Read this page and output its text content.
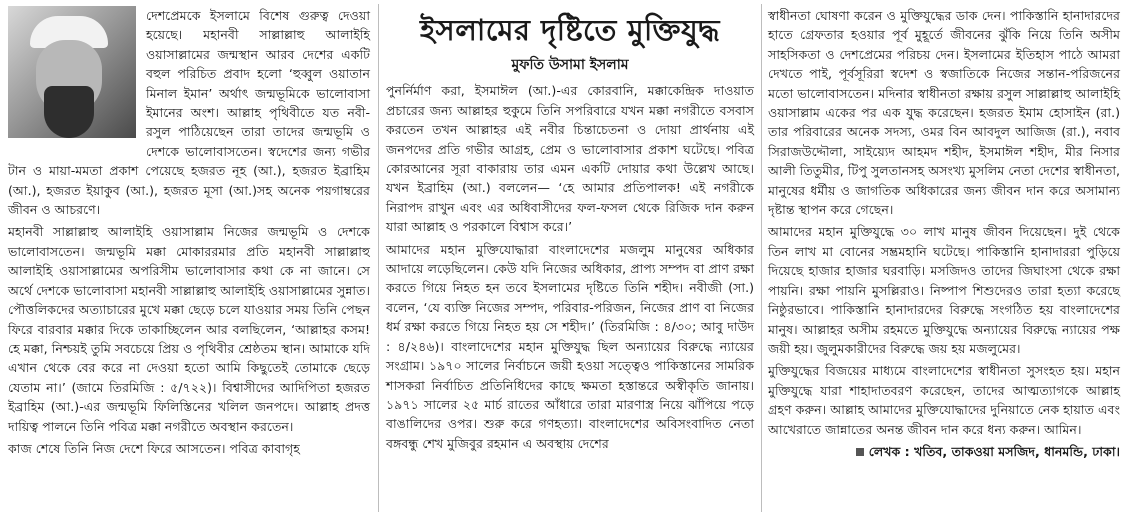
দেশপ্রেমকে ইসলামে বিশেষ গুরুত্ব দেওয়া হয়েছে। মহানবী সাল্লাল্লাহু আলাইহি ওয়াসাল্লামের জন্মস্থান আরব দেশের একটি বহুল পরিচিত প্রবাদ হলো ‘হুব্বুল ওয়াতান মিনাল ইমান’ অর্থাৎ জন্মভূমিকে ভালোবাসা ইমানের অংশ। আল্লাহ পৃথিবীতে যত নবী-রসুল পাঠিয়েছেন তারা তাদের জন্মভূমি ও দেশকে ভালোবাসতেন। স্বদেশের জন্য গভীর টান ও মায়া-মমতা প্রকাশ পেয়েছে হজরত নূহ (আ.), হজরত ইব্রাহিম (আ.), হজরত ইয়াকুব (আ.), হজরত মূসা (আ.)সহ অনেক পয়গাম্বরের জীবন ও আচরণে।

মহানবী সাল্লাল্লাহু আলাইহি ওয়াসাল্লাম নিজের জন্মভূমি ও দেশকে ভালোবাসতেন। জন্মভূমি মক্কা মোকাররমার প্রতি মহানবী সাল্লাল্লাহু আলাইহি ওয়াসাল্লামের অপরিসীম ভালোবাসার কথা কে না জানে। সে অর্থে দেশকে ভালোবাসা মহানবী সাল্লাল্লাহু আলাইহি ওয়াসাল্লামের সুন্নাত। পৌত্তলিকদের অত্যাচারের মুখে মক্কা ছেড়ে চলে যাওয়ার সময় তিনি পেছন ফিরে বারবার মক্কার দিকে তাকাচ্ছিলেন আর বলছিলেন, ‘আল্লাহর কসম! হে মক্কা, নিশ্চয়ই তুমি সবচেয়ে প্রিয় ও পৃথিবীর শ্রেষ্ঠতম স্থান। আমাকে যদি এখান থেকে বের করে না দেওয়া হতো আমি কিছুতেই তোমাকে ছেড়ে যেতাম না।’ (জামে তিরমিজি : ৫/৭২২)। বিশ্বাসীদের আদিপিতা হজরত ইব্রাহিম (আ.)-এর জন্মভূমি ফিলিস্তিনের খলিল জনপদে। আল্লাহ প্রদত্ত দায়িত্ব পালনে তিনি পবিত্র মক্কা নগরীতে অবস্থান করতেন।

কাজ শেষে তিনি নিজ দেশে ফিরে আসতেন। পবিত্র কাবাগৃহ

ইসলামের দৃষ্টিতে মুক্তিযুদ্ধ
মুফতি উসামা ইসলাম

পুনর্নির্মাণ করা, ইসমাঈল (আ.)-এর কোরবানি, মক্কাকেন্দ্রিক দাওয়াত প্রচারের জন্য আল্লাহর হুকুমে তিনি সপরিবারে যখন মক্কা নগরীতে বসবাস করতেন তখন আল্লাহর এই নবীর চিন্তাচেতনা ও দোয়া প্রার্থনায় এই জনপদের প্রতি গভীর আগ্রহ, প্রেম ও ভালোবাসার প্রকাশ ঘটেছে। পবিত্র কোরআনের সূরা বাকারায় তার এমন একটি দোয়ার কথা উল্লেখ আছে। যখন ইব্রাহিম (আ.) বললেন— ‘হে আমার প্রতিপালক! এই নগরীকে নিরাপদ রাখুন এবং এর অধিবাসীদের ফল-ফসল থেকে রিজিক দান করুন যারা আল্লাহ ও পরকালে বিশ্বাস করে।’

আমাদের মহান মুক্তিযোদ্ধারা বাংলাদেশের মজলুম মানুষের অধিকার আদায়ে লড়েছিলেন। কেউ যদি নিজের অধিকার, প্রাপ্য সম্পদ বা প্রাণ রক্ষা করতে গিয়ে নিহত হন তবে ইসলামের দৃষ্টিতে তিনি শহীদ। নবীজী (সা.) বলেন, ‘যে ব্যক্তি নিজের সম্পদ, পরিবার-পরিজন, নিজের প্রাণ বা নিজের ধর্ম রক্ষা করতে গিয়ে নিহত হয় সে শহীদ।’ (তিরমিজি : ৪/৩০; আবু দাউদ : ৪/২৪৬)। বাংলাদেশের মহান মুক্তিযুদ্ধ ছিল অন্যায়ের বিরুদ্ধে ন্যায়ের সংগ্রাম। ১৯৭০ সালের নির্বাচনে জয়ী হওয়া সত্ত্বেও পাকিস্তানের সামরিক শাসকরা নির্বাচিত প্রতিনিধিদের কাছে ক্ষমতা হস্তান্তরে অস্বীকৃতি জানায়। ১৯৭১ সালের ২৫ মার্চ রাতের আঁধারে তারা মারণাস্ত্র নিয়ে ঝাঁপিয়ে পড়ে বাঙালিদের ওপর। শুরু করে গণহত্যা। বাংলাদেশের অবিসংবাদিত নেতা বঙ্গবন্ধু শেখ মুজিবুর রহমান এ অবস্থায় দেশের

স্বাধীনতা ঘোষণা করেন ও মুক্তিযুদ্ধের ডাক দেন। পাকিস্তানি হানাদারদের হাতে গ্রেফতার হওয়ার পূর্ব মুহূর্তে জীবনের ঝুঁকি নিয়ে তিনি অসীম সাহসিকতা ও দেশপ্রেমের পরিচয় দেন। ইসলামের ইতিহাস পাঠে আমরা দেখতে পাই, পূর্বসূরিরা স্বদেশ ও স্বজাতিকে নিজের সন্তান-পরিজনের মতো ভালোবাসতেন। মদিনার স্বাধীনতা রক্ষায় রসুল সাল্লাল্লাহু আলাইহি ওয়াসাল্লাম একের পর এক যুদ্ধ করেছেন। হজরত ইমাম হোসাইন (রা.) তার পরিবারের অনেক সদস্য, ওমর বিন আবদুল আজিজ (রা.), নবাব সিরাজউদ্দৌলা, সাইয়্যেদ আহমদ শহীদ, ইসমাঈল শহীদ, মীর নিসার আলী তিতুমীর, টিপু সুলতানসহ অসংখ্য মুসলিম নেতা দেশের স্বাধীনতা, মানুষের ধর্মীয় ও জাগতিক অধিকারের জন্য জীবন দান করে অসামান্য দৃষ্টান্ত স্থাপন করে গেছেন।

আমাদের মহান মুক্তিযুদ্ধে ৩০ লাখ মানুষ জীবন দিয়েছেন। দুই থেকে তিন লাখ মা বোনের সম্ভ্রমহানি ঘটেছে। পাকিস্তানি হানাদাররা পুড়িয়ে দিয়েছে হাজার হাজার ঘরবাড়ি। মসজিদও তাদের জিঘাংসা থেকে রক্ষা পায়নি। রক্ষা পায়নি মুসল্লিরাও। নিষ্পাপ শিশুদেরও তারা হত্যা করেছে নিষ্ঠুরভাবে। পাকিস্তানি হানাদারদের বিরুদ্ধে সংগঠিত হয় বাংলাদেশের মানুষ। আল্লাহর অসীম রহমতে মুক্তিযুদ্ধে অন্যায়ের বিরুদ্ধে ন্যায়ের পক্ষ জয়ী হয়। জুলুমকারীদের বিরুদ্ধে জয় হয় মজলুমের।

মুক্তিযুদ্ধের বিজয়ের মাধ্যমে বাংলাদেশের স্বাধীনতা সুসংহত হয়। মহান মুক্তিযুদ্ধে যারা শাহাদাতবরণ করেছেন, তাদের আত্মত্যাগকে আল্লাহ গ্রহণ করুন। আল্লাহ আমাদের মুক্তিযোদ্ধাদের দুনিয়াতে নেক হায়াত এবং আখেরাতে জান্নাতের অনন্ত জীবন দান করে ধন্য করুন। আমিন।

লেখক : খতিব, তাকওয়া মসজিদ, ধানমন্ডি, ঢাকা।
